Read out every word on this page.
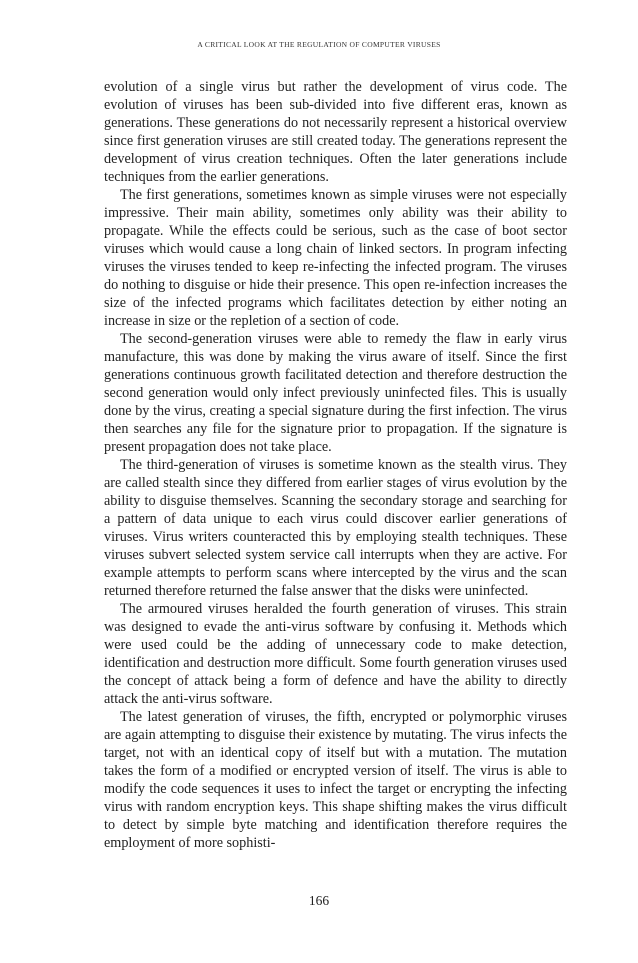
A CRITICAL LOOK AT THE REGULATION OF COMPUTER VIRUSES

evolution of a single virus but rather the development of virus code. The evolution of viruses has been sub-divided into five different eras, known as generations. These generations do not necessarily represent a historical overview since first generation viruses are still created today. The generations represent the development of virus creation techniques. Often the later generations include techniques from the earlier generations.

The first generations, sometimes known as simple viruses were not especially impressive. Their main ability, sometimes only ability was their ability to propagate. While the effects could be serious, such as the case of boot sector viruses which would cause a long chain of linked sectors. In program infecting viruses the viruses tended to keep re-infecting the infected program. The viruses do nothing to disguise or hide their presence. This open re-infection increases the size of the infected programs which facilitates detection by either noting an increase in size or the repletion of a section of code.

The second-generation viruses were able to remedy the flaw in early virus manufacture, this was done by making the virus aware of itself. Since the first generations continuous growth facilitated detection and therefore destruction the second generation would only infect previously uninfected files. This is usually done by the virus, creating a special signature during the first infection. The virus then searches any file for the signature prior to propagation. If the signature is present propagation does not take place.

The third-generation of viruses is sometime known as the stealth virus. They are called stealth since they differed from earlier stages of virus evolution by the ability to disguise themselves. Scanning the secondary storage and searching for a pattern of data unique to each virus could discover earlier generations of viruses. Virus writers counteracted this by employing stealth techniques. These viruses subvert selected system service call interrupts when they are active. For example attempts to perform scans where intercepted by the virus and the scan returned therefore returned the false answer that the disks were uninfected.

The armoured viruses heralded the fourth generation of viruses. This strain was designed to evade the anti-virus software by confusing it. Methods which were used could be the adding of unnecessary code to make detection, identification and destruction more difficult. Some fourth generation viruses used the concept of attack being a form of defence and have the ability to directly attack the anti-virus software.

The latest generation of viruses, the fifth, encrypted or polymorphic viruses are again attempting to disguise their existence by mutating. The virus infects the target, not with an identical copy of itself but with a mutation. The mutation takes the form of a modified or encrypted version of itself. The virus is able to modify the code sequences it uses to infect the target or encrypting the infecting virus with random encryption keys. This shape shifting makes the virus difficult to detect by simple byte matching and identification therefore requires the employment of more sophisti-

166
